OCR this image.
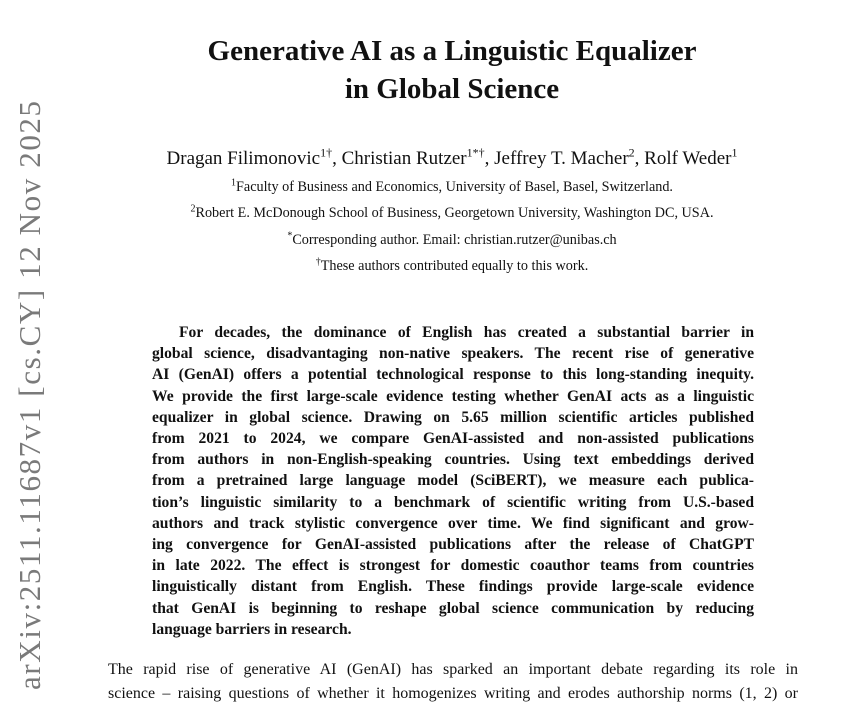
arXiv:2511.11687v1 [cs.CY] 12 Nov 2025
Generative AI as a Linguistic Equalizer
in Global Science
Dragan Filimonovic$^{1\dagger}$, Christian Rutzer$^{1*\dagger}$, Jeffrey T. Macher$^2$, Rolf Weder$^1$
$^1$Faculty of Business and Economics, University of Basel, Basel, Switzerland.
$^2$Robert E. McDonough School of Business, Georgetown University, Washington DC, USA.
*Corresponding author. Email: christian.rutzer@unibas.ch
†These authors contributed equally to this work.
For decades, the dominance of English has created a substantial barrier in
global science, disadvantaging non-native speakers. The recent rise of generative
AI (GenAI) offers a potential technological response to this long-standing inequity.
We provide the first large-scale evidence testing whether GenAI acts as a linguistic
equalizer in global science. Drawing on 5.65 million scientific articles published
from 2021 to 2024, we compare GenAI-assisted and non-assisted publications
from authors in non-English-speaking countries. Using text embeddings derived
from a pretrained large language model (SciBERT), we measure each publica-
tion’s linguistic similarity to a benchmark of scientific writing from U.S.-based
authors and track stylistic convergence over time. We find significant and grow-
ing convergence for GenAI-assisted publications after the release of ChatGPT
in late 2022. The effect is strongest for domestic coauthor teams from countries
linguistically distant from English. These findings provide large-scale evidence
that GenAI is beginning to reshape global science communication by reducing
language barriers in research.
The rapid rise of generative AI (GenAI) has sparked an important debate regarding its role in
science – raising questions of whether it homogenizes writing and erodes authorship norms (1, 2) or
